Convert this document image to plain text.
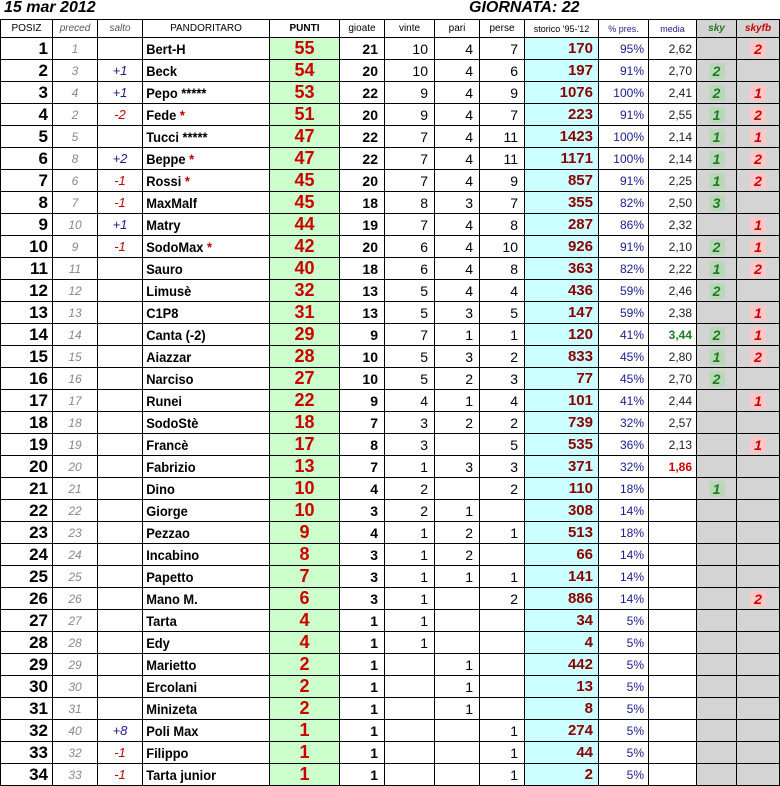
15 mar 2012	GIORNATA: 22
POSIZ	preced	salto	PANDORITARO	PUNTI	gioate	vinte	pari	perse	storico '95-'12	% pres.	media	sky	skyfb
1	1		Bert-H	55	21	10	4	7	170	95%	2,62		2
2	3	+1	Beck	54	20	10	4	6	197	91%	2,70	2	
3	4	+1	Pepo *****	53	22	9	4	9	1076	100%	2,41	2	1
4	2	-2	Fede *	51	20	9	4	7	223	91%	2,55	1	2
5	5		Tucci *****	47	22	7	4	11	1423	100%	2,14	1	1
6	8	+2	Beppe *	47	22	7	4	11	1171	100%	2,14	1	2
7	6	-1	Rossi *	45	20	7	4	9	857	91%	2,25	1	2
8	7	-1	MaxMalf	45	18	8	3	7	355	82%	2,50	3	
9	10	+1	Matry	44	19	7	4	8	287	86%	2,32		1
10	9	-1	SodoMax *	42	20	6	4	10	926	91%	2,10	2	1
11	11		Sauro	40	18	6	4	8	363	82%	2,22	1	2
12	12		Limusè	32	13	5	4	4	436	59%	2,46	2	
13	13		C1P8	31	13	5	3	5	147	59%	2,38		1
14	14		Canta (-2)	29	9	7	1	1	120	41%	3,44	2	1
15	15		Aiazzar	28	10	5	3	2	833	45%	2,80	1	2
16	16		Narciso	27	10	5	2	3	77	45%	2,70	2	
17	17		Runei	22	9	4	1	4	101	41%	2,44		1
18	18		SodoStè	18	7	3	2	2	739	32%	2,57		
19	19		Francè	17	8	3		5	535	36%	2,13		1
20	20		Fabrizio	13	7	1	3	3	371	32%	1,86		
21	21		Dino	10	4	2		2	110	18%		1	
22	22		Giorge	10	3	2	1		308	14%			
23	23		Pezzao	9	4	1	2	1	513	18%			
24	24		Incabino	8	3	1	2		66	14%			
25	25		Papetto	7	3	1	1	1	141	14%			
26	26		Mano M.	6	3	1		2	886	14%			2
27	27		Tarta	4	1	1			34	5%			
28	28		Edy	4	1	1			4	5%			
29	29		Marietto	2	1		1		442	5%			
30	30		Ercolani	2	1		1		13	5%			
31	31		Minizeta	2	1		1		8	5%			
32	40	+8	Poli Max	1	1			1	274	5%			
33	32	-1	Filippo	1	1			1	44	5%			
34	33	-1	Tarta junior	1	1			1	2	5%			
